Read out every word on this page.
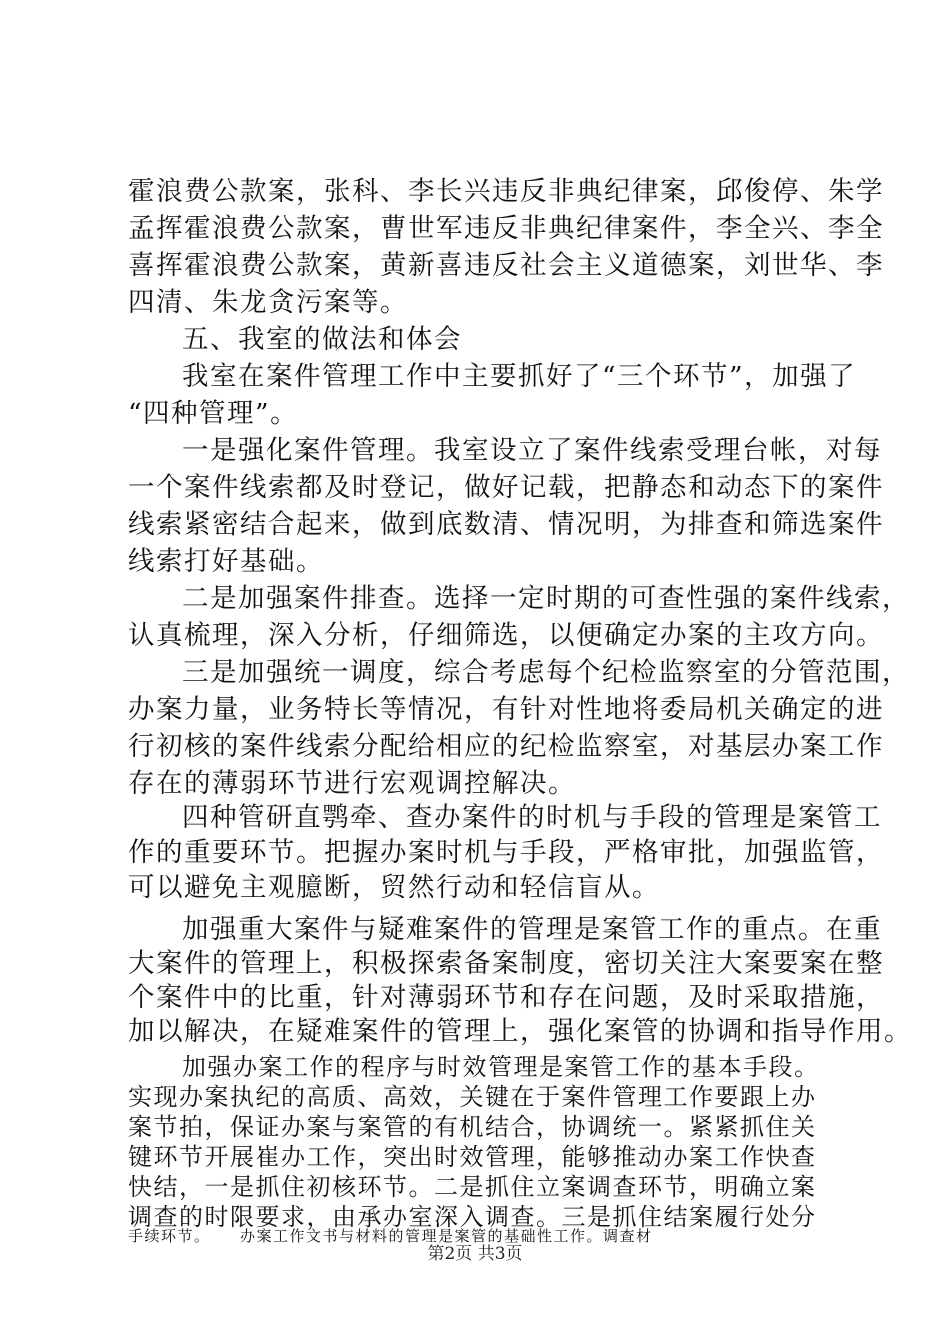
霍浪费公款案，张科、李长兴违反非典纪律案，邱俊停、朱学
孟挥霍浪费公款案，曹世军违反非典纪律案件，李全兴、李全
喜挥霍浪费公款案，黄新喜违反社会主义道德案，刘世华、李
四清、朱龙贪污案等。
五、我室的做法和体会
我室在案件管理工作中主要抓好了“三个环节”，加强了
“四种管理”。
一是强化案件管理。我室设立了案件线索受理台帐，对每
一个案件线索都及时登记，做好记载，把静态和动态下的案件
线索紧密结合起来，做到底数清、情况明，为排查和筛选案件
线索打好基础。
二是加强案件排查。选择一定时期的可查性强的案件线索，
认真梳理，深入分析，仔细筛选，以便确定办案的主攻方向。
三是加强统一调度，综合考虑每个纪检监察室的分管范围，
办案力量，业务特长等情况，有针对性地将委局机关确定的进
行初核的案件线索分配给相应的纪检监察室，对基层办案工作
存在的薄弱环节进行宏观调控解决。
四种管研直鹗牵、查办案件的时机与手段的管理是案管工
作的重要环节。把握办案时机与手段，严格审批，加强监管，
可以避免主观臆断，贸然行动和轻信盲从。
加强重大案件与疑难案件的管理是案管工作的重点。在重
大案件的管理上，积极探索备案制度，密切关注大案要案在整
个案件中的比重，针对薄弱环节和存在问题，及时采取措施，
加以解决，在疑难案件的管理上，强化案管的协调和指导作用。
加强办案工作的程序与时效管理是案管工作的基本手段。
实现办案执纪的高质、高效，关键在于案件管理工作要跟上办
案节拍，保证办案与案管的有机结合，协调统一。紧紧抓住关
键环节开展崔办工作，突出时效管理，能够推动办案工作快查
快结，一是抓住初核环节。二是抓住立案调查环节，明确立案
调查的时限要求，由承办室深入调查。三是抓住结案履行处分
手续环节。	办案工作文书与材料的管理是案管的基础性工作。调查材
第2页 共3页
